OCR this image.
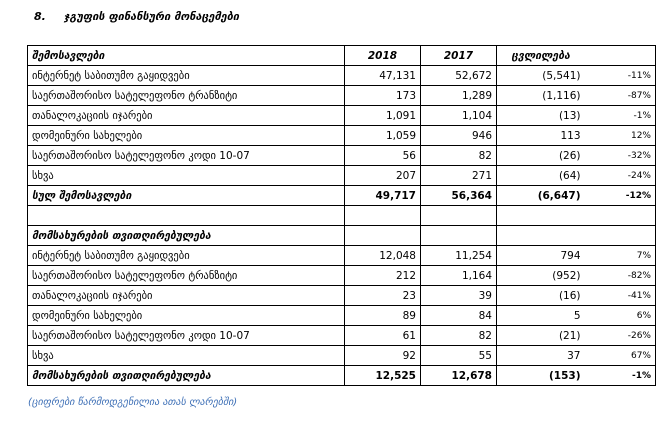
8. ჯგუფის ფინანსური მონაცემები
შემოსავლები	2018	2017	ცვლილება	
ინტერნეტ საბითუმო გაყიდვები	47,131	52,672	(5,541)	-11%
საერთაშორისო სატელეფონო ტრანზიტი	173	1,289	(1,116)	-87%
თანალოკაციის იჯარები	1,091	1,104	(13)	-1%
დომეინური სახელები	1,059	946	113	12%
საერთაშორისო სატელეფონო კოდი 10-07	56	82	(26)	-32%
სხვა	207	271	(64)	-24%
სულ შემოსავლები	49,717	56,364	(6,647)	-12%

მომსახურების თვითღირებულება				
ინტერნეტ საბითუმო გაყიდვები	12,048	11,254	794	7%
საერთაშორისო სატელეფონო ტრანზიტი	212	1,164	(952)	-82%
თანალოკაციის იჯარები	23	39	(16)	-41%
დომეინური სახელები	89	84	5	6%
საერთაშორისო სატელეფონო კოდი 10-07	61	82	(21)	-26%
სხვა	92	55	37	67%
მომსახურების თვითღირებულება	12,525	12,678	(153)	-1%
(ციფრები წარმოდგენილია ათას ლარებში)
